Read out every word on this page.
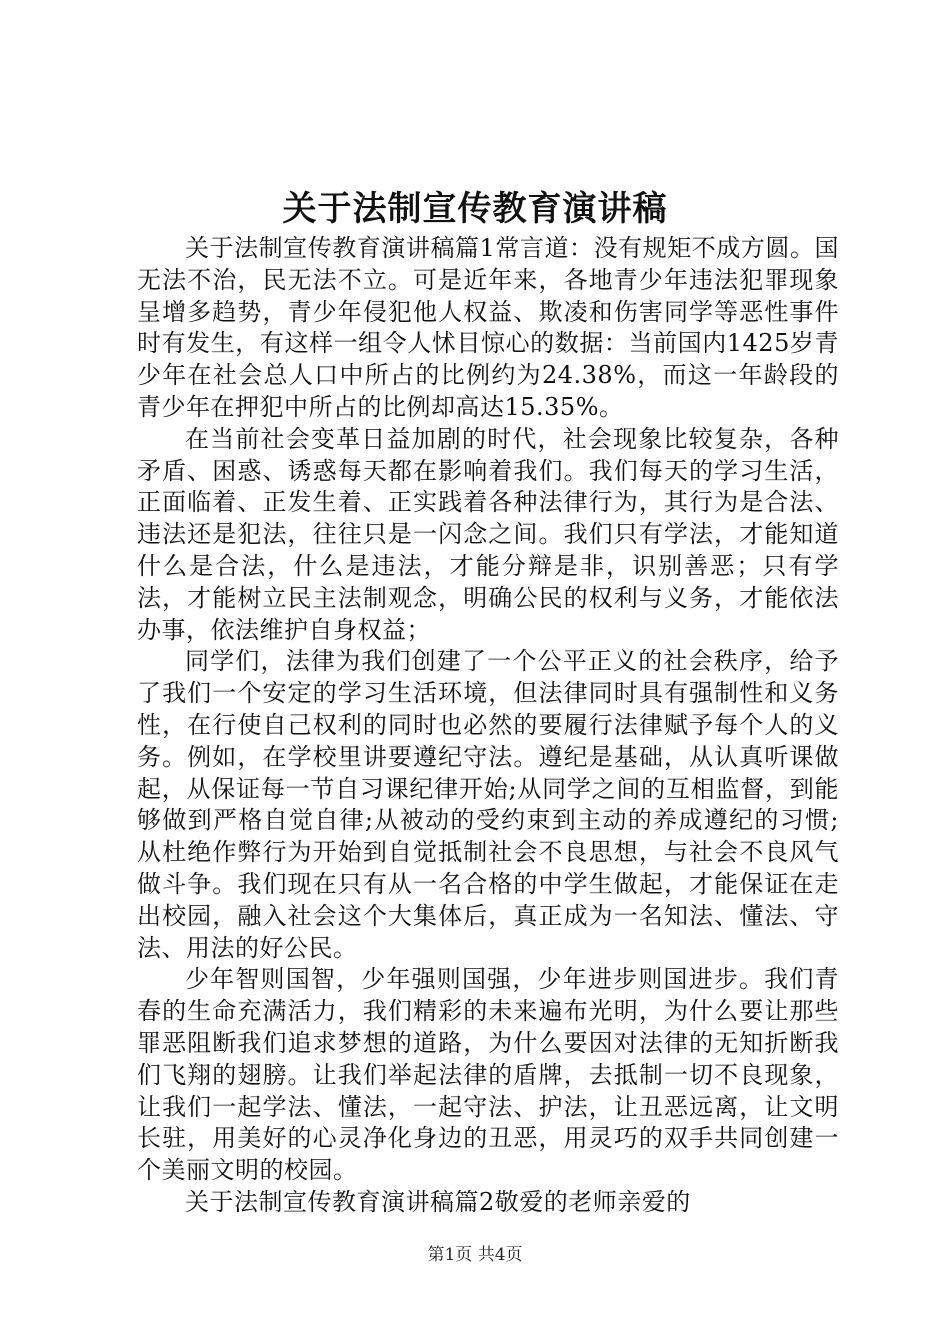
关于法制宣传教育演讲稿

关于法制宣传教育演讲稿篇1常言道：没有规矩不成方圆。国无法不治，民无法不立。可是近年来，各地青少年违法犯罪现象呈增多趋势，青少年侵犯他人权益、欺凌和伤害同学等恶性事件时有发生，有这样一组令人怵目惊心的数据：当前国内1425岁青少年在社会总人口中所占的比例约为24.38%，而这一年龄段的青少年在押犯中所占的比例却高达15.35%。

在当前社会变革日益加剧的时代，社会现象比较复杂，各种矛盾、困惑、诱惑每天都在影响着我们。我们每天的学习生活，正面临着、正发生着、正实践着各种法律行为，其行为是合法、违法还是犯法，往往只是一闪念之间。我们只有学法，才能知道什么是合法，什么是违法，才能分辩是非，识别善恶；只有学法，才能树立民主法制观念，明确公民的权利与义务，才能依法办事，依法维护自身权益；

同学们，法律为我们创建了一个公平正义的社会秩序，给予了我们一个安定的学习生活环境，但法律同时具有强制性和义务性，在行使自己权利的同时也必然的要履行法律赋予每个人的义务。例如，在学校里讲要遵纪守法。遵纪是基础，从认真听课做起，从保证每一节自习课纪律开始;从同学之间的互相监督，到能够做到严格自觉自律;从被动的受约束到主动的养成遵纪的习惯;从杜绝作弊行为开始到自觉抵制社会不良思想，与社会不良风气做斗争。我们现在只有从一名合格的中学生做起，才能保证在走出校园，融入社会这个大集体后，真正成为一名知法、懂法、守法、用法的好公民。

少年智则国智，少年强则国强，少年进步则国进步。我们青春的生命充满活力，我们精彩的未来遍布光明，为什么要让那些罪恶阻断我们追求梦想的道路，为什么要因对法律的无知折断我们飞翔的翅膀。让我们举起法律的盾牌，去抵制一切不良现象，让我们一起学法、懂法，一起守法、护法，让丑恶远离，让文明长驻，用美好的心灵净化身边的丑恶，用灵巧的双手共同创建一个美丽文明的校园。

关于法制宣传教育演讲稿篇2敬爱的老师亲爱的

第1页 共4页
